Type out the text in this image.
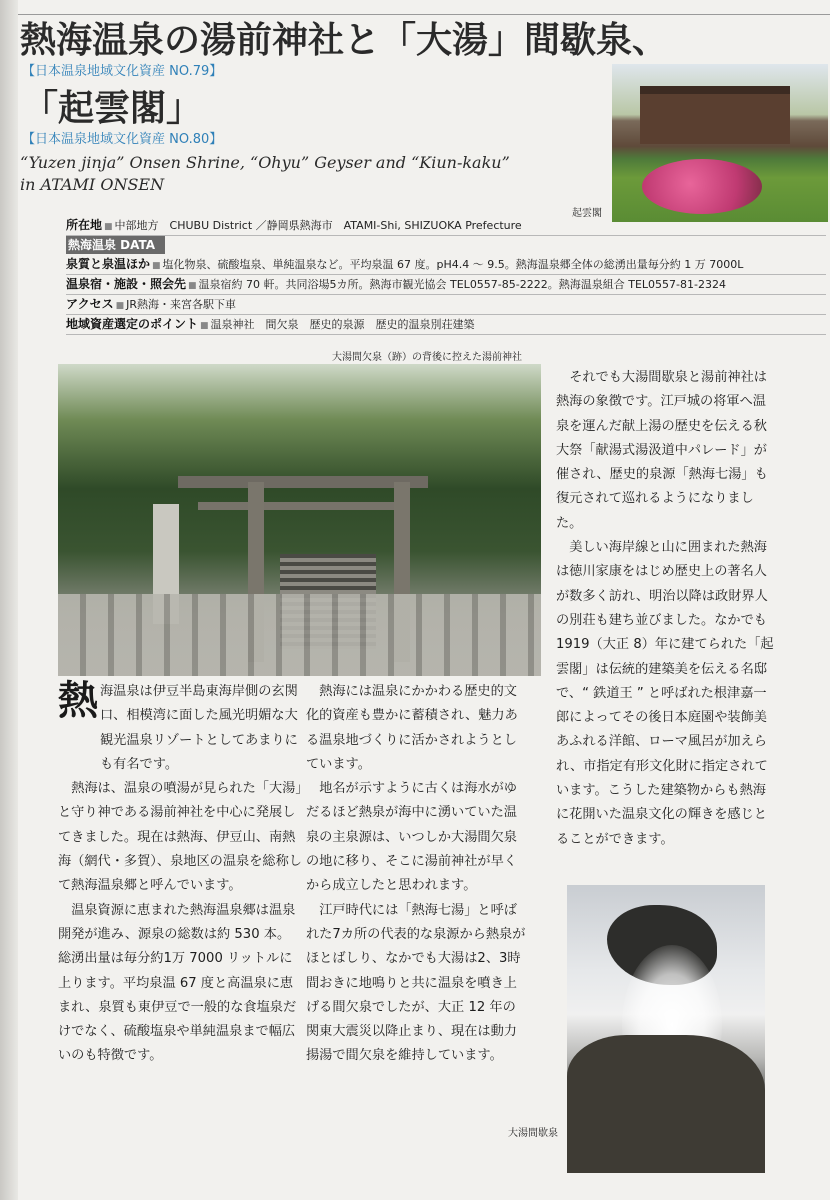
熱海温泉の湯前神社と「大湯」間歇泉、
【日本温泉地域文化資産 NO.79】
「起雲閣」
【日本温泉地域文化資産 NO.80】
“Yuzen jinja” Onsen Shrine, “Ohyu” Geyser and “Kiun-kaku”
in ATAMI ONSEN
起雲閣
所在地 ■ 中部地方　CHUBU District ／静岡県熱海市　ATAMI-Shi, SHIZUOKA Prefecture
熱海温泉 DATA
泉質と泉温ほか ■ 塩化物泉、硫酸塩泉、単純温泉など。平均泉温 67 度。pH4.4 ～ 9.5。熱海温泉郷全体の総湧出量毎分約 1 万 7000L
温泉宿・施設・照会先 ■ 温泉宿約 70 軒。共同浴場5カ所。熱海市観光協会 TEL0557-85-2222。熱海温泉組合 TEL0557-81-2324
アクセス ■ JR熱海・来宮各駅下車
地域資産選定のポイント ■ 温泉神社　間欠泉　歴史的泉源　歴史的温泉別荘建築
大湯間欠泉（跡）の背後に控えた湯前神社
熱 海温泉は伊豆半島東海岸側の玄関口、相模湾に面した風光明媚な大観光温泉リゾートとしてあまりにも有名です。

熱海は、温泉の噴湯が見られた「大湯」と守り神である湯前神社を中心に発展してきました。現在は熱海、伊豆山、南熱海（網代・多賀）、泉地区の温泉を総称して熱海温泉郷と呼んでいます。

温泉資源に恵まれた熱海温泉郷は温泉開発が進み、源泉の総数は約 530 本。総湧出量は毎分約1万 7000 リットルに上ります。平均泉温 67 度と高温泉に恵まれ、泉質も東伊豆で一般的な食塩泉だけでなく、硫酸塩泉や単純温泉まで幅広いのも特徴です。

熱海には温泉にかかわる歴史的文化的資産も豊かに蓄積され、魅力ある温泉地づくりに活かされようとしています。

地名が示すように古くは海水がゆだるほど熱泉が海中に湧いていた温泉の主泉源は、いつしか大湯間欠泉の地に移り、そこに湯前神社が早くから成立したと思われます。

江戸時代には「熱海七湯」と呼ばれた7カ所の代表的な泉源から熱泉がほとばしり、なかでも大湯は2、3時間おきに地鳴りと共に温泉を噴き上げる間欠泉でしたが、大正 12 年の関東大震災以降止まり、現在は動力揚湯で間欠泉を維持しています。

それでも大湯間歇泉と湯前神社は熱海の象徴です。江戸城の将軍へ温泉を運んだ献上湯の歴史を伝える秋大祭「献湯式湯汲道中パレード」が催され、歴史的泉源「熱海七湯」も復元されて巡れるようになりました。

美しい海岸線と山に囲まれた熱海は徳川家康をはじめ歴史上の著名人が数多く訪れ、明治以降は政財界人の別荘も建ち並びました。なかでも 1919（大正 8）年に建てられた「起雲閣」は伝統的建築美を伝える名邸で、“ 鉄道王 ” と呼ばれた根津嘉一郎によってその後日本庭園や装飾美あふれる洋館、ローマ風呂が加えられ、市指定有形文化財に指定されています。こうした建築物からも熱海に花開いた温泉文化の輝きを感じとることができます。

大湯間歇泉
